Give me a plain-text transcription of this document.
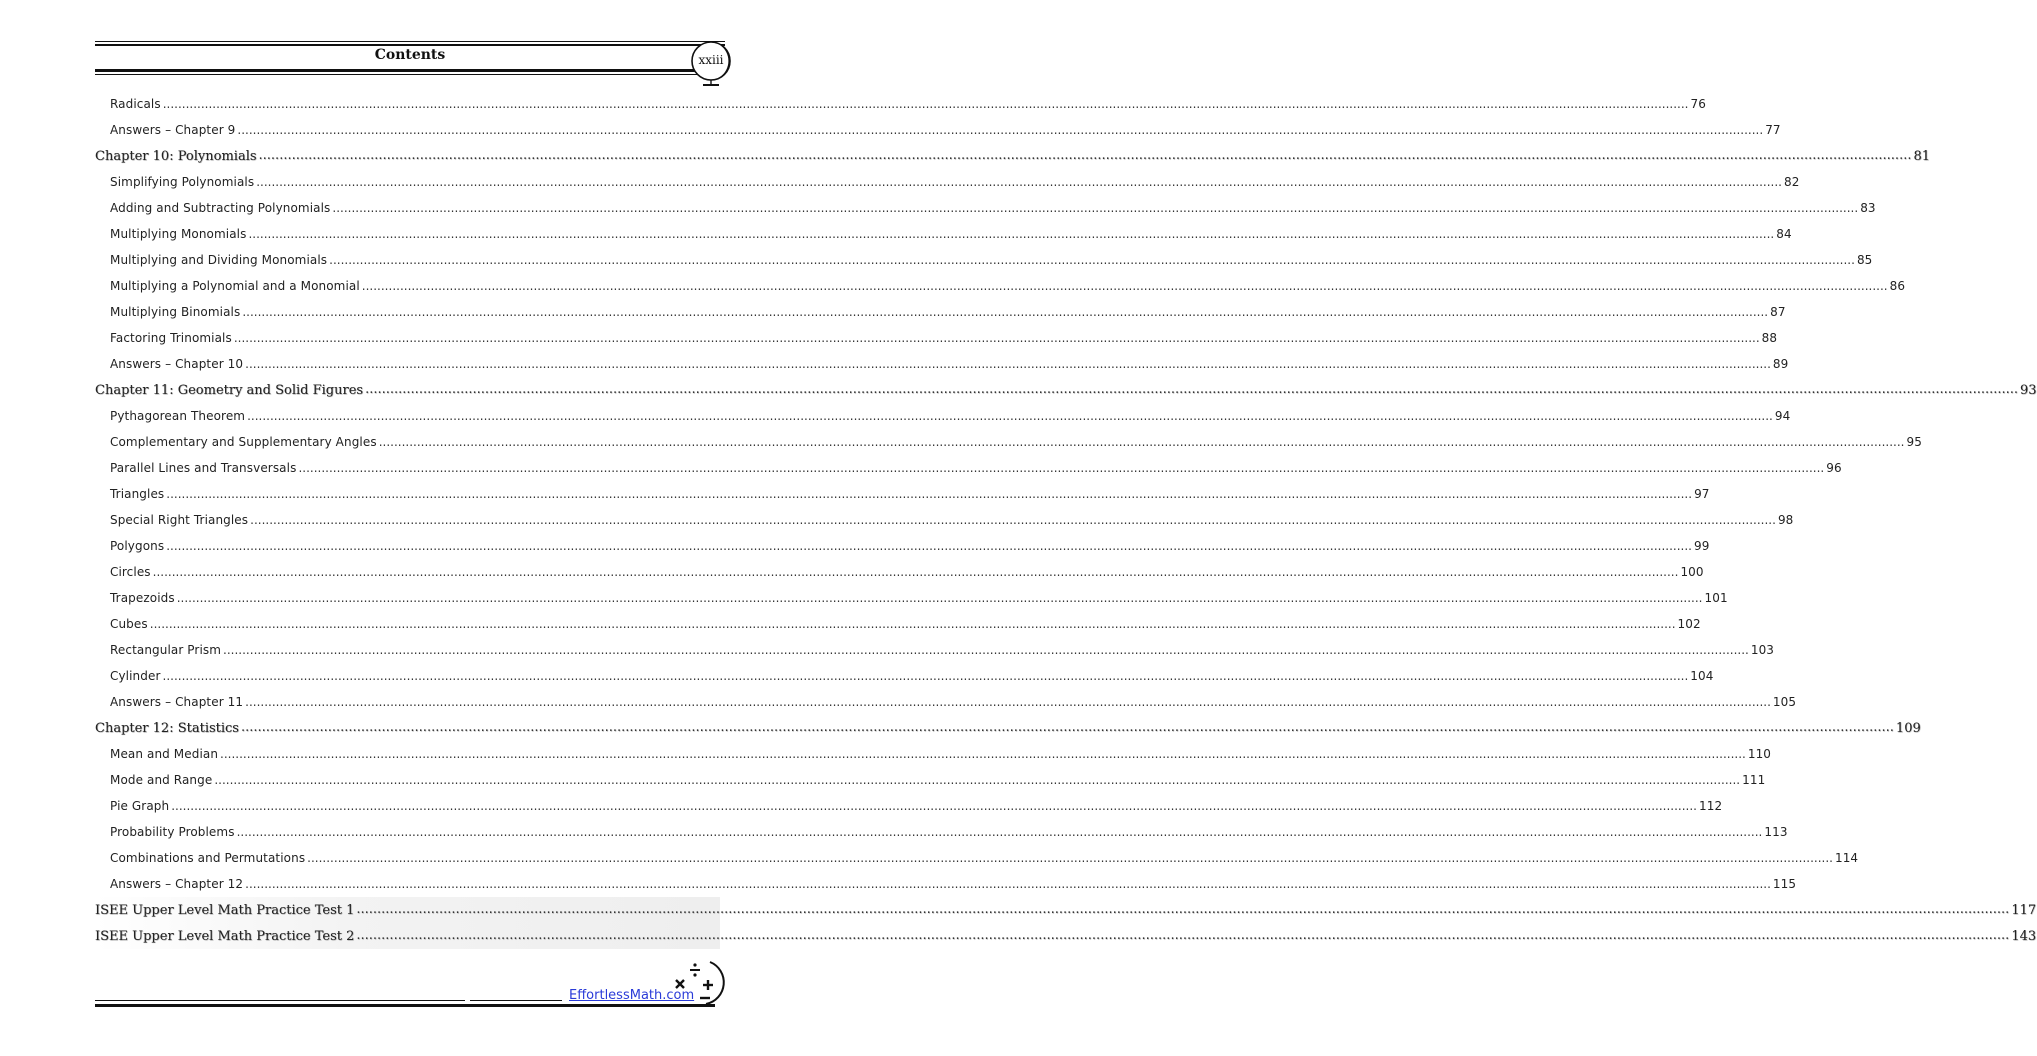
Contents	xxiii
Radicals ................................................................................................................................................................................................................................................................................................................................................................................................................ 76
Answers – Chapter 9 ................................................................................................................................................................................................................................................................................................................................................................................................................ 77
Chapter 10: Polynomials ................................................................................................................................................................................................................................................................................................................................................................................................................ 81
Simplifying Polynomials ................................................................................................................................................................................................................................................................................................................................................................................................................ 82
Adding and Subtracting Polynomials ................................................................................................................................................................................................................................................................................................................................................................................................................ 83
Multiplying Monomials ................................................................................................................................................................................................................................................................................................................................................................................................................ 84
Multiplying and Dividing Monomials ................................................................................................................................................................................................................................................................................................................................................................................................................ 85
Multiplying a Polynomial and a Monomial ................................................................................................................................................................................................................................................................................................................................................................................................................ 86
Multiplying Binomials ................................................................................................................................................................................................................................................................................................................................................................................................................ 87
Factoring Trinomials ................................................................................................................................................................................................................................................................................................................................................................................................................ 88
Answers – Chapter 10 ................................................................................................................................................................................................................................................................................................................................................................................................................ 89
Chapter 11: Geometry and Solid Figures ................................................................................................................................................................................................................................................................................................................................................................................................................ 93
Pythagorean Theorem ................................................................................................................................................................................................................................................................................................................................................................................................................ 94
Complementary and Supplementary Angles ................................................................................................................................................................................................................................................................................................................................................................................................................ 95
Parallel Lines and Transversals ................................................................................................................................................................................................................................................................................................................................................................................................................ 96
Triangles ................................................................................................................................................................................................................................................................................................................................................................................................................ 97
Special Right Triangles ................................................................................................................................................................................................................................................................................................................................................................................................................ 98
Polygons ................................................................................................................................................................................................................................................................................................................................................................................................................ 99
Circles ................................................................................................................................................................................................................................................................................................................................................................................................................ 100
Trapezoids ................................................................................................................................................................................................................................................................................................................................................................................................................ 101
Cubes ................................................................................................................................................................................................................................................................................................................................................................................................................ 102
Rectangular Prism ................................................................................................................................................................................................................................................................................................................................................................................................................ 103
Cylinder ................................................................................................................................................................................................................................................................................................................................................................................................................ 104
Answers – Chapter 11 ................................................................................................................................................................................................................................................................................................................................................................................................................ 105
Chapter 12: Statistics ................................................................................................................................................................................................................................................................................................................................................................................................................ 109
Mean and Median ................................................................................................................................................................................................................................................................................................................................................................................................................ 110
Mode and Range ................................................................................................................................................................................................................................................................................................................................................................................................................ 111
Pie Graph ................................................................................................................................................................................................................................................................................................................................................................................................................ 112
Probability Problems ................................................................................................................................................................................................................................................................................................................................................................................................................ 113
Combinations and Permutations ................................................................................................................................................................................................................................................................................................................................................................................................................ 114
Answers – Chapter 12 ................................................................................................................................................................................................................................................................................................................................................................................................................ 115
ISEE Upper Level Math Practice Test 1 ................................................................................................................................................................................................................................................................................................................................................................................................................ 117
ISEE Upper Level Math Practice Test 2 ................................................................................................................................................................................................................................................................................................................................................................................................................ 143
EffortlessMath.com
